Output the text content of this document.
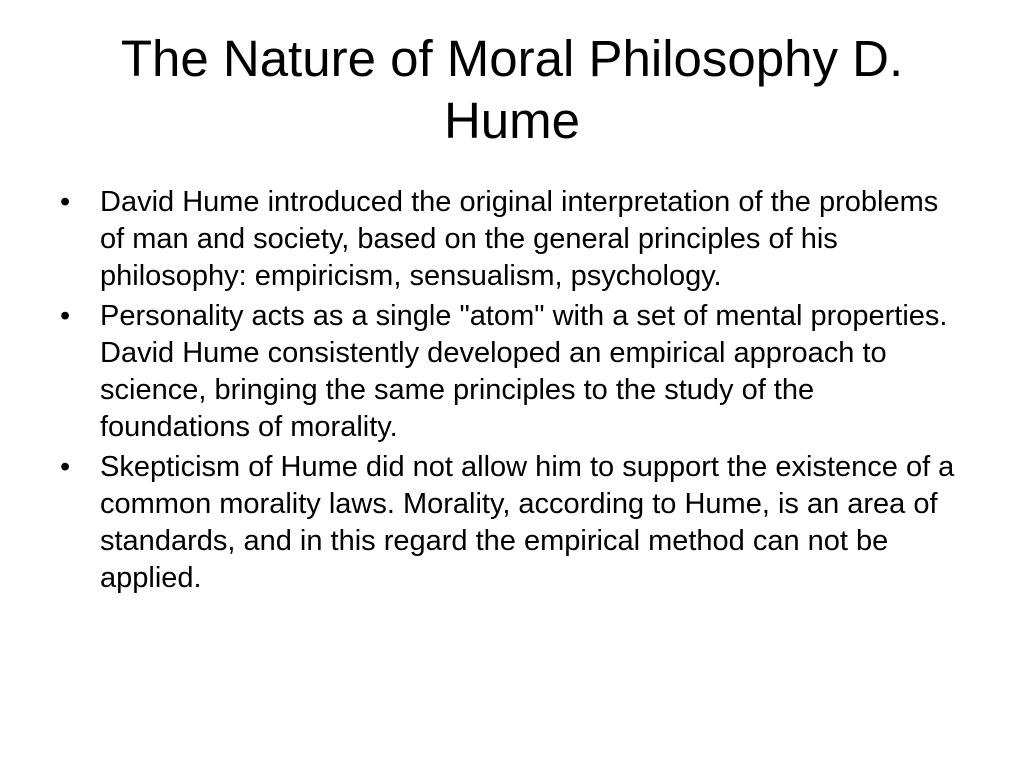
The Nature of Moral Philosophy D. Hume
• David Hume introduced the original interpretation of the problems of man and society, based on the general principles of his philosophy: empiricism, sensualism, psychology.
• Personality acts as a single "atom" with a set of mental properties. David Hume consistently developed an empirical approach to science, bringing the same principles to the study of the foundations of morality.
• Skepticism of Hume did not allow him to support the existence of a common morality laws. Morality, according to Hume, is an area of standards, and in this regard the empirical method can not be applied.
